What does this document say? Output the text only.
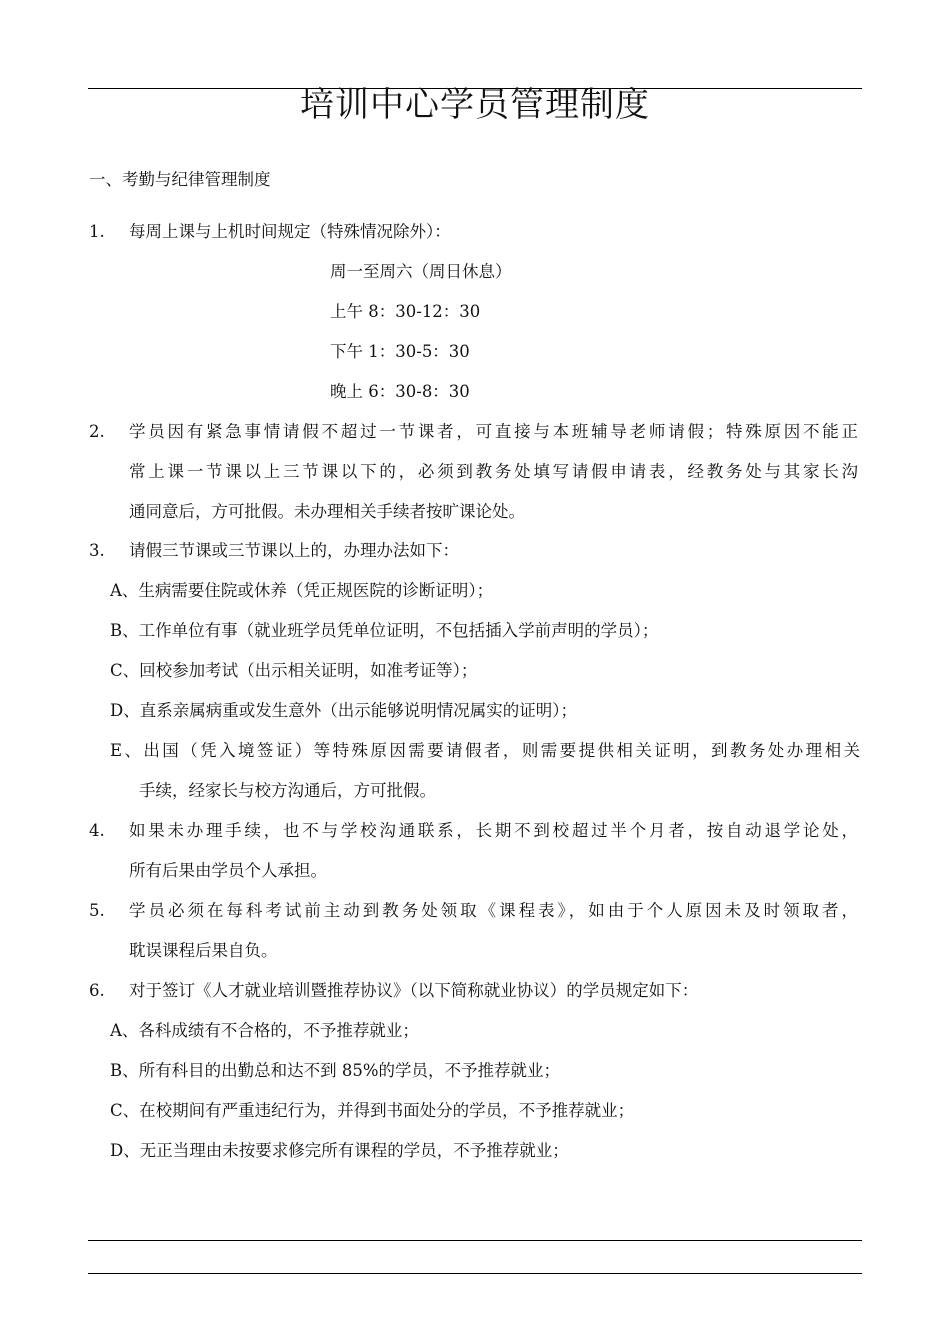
培训中心学员管理制度
一、考勤与纪律管理制度
1. 每周上课与上机时间规定（特殊情况除外）：
周一至周六（周日休息）
上午 8：30-12：30
下午 1：30-5：30
晚上 6：30-8：30
2. 学员因有紧急事情请假不超过一节课者，可直接与本班辅导老师请假；特殊原因不能正
常上课一节课以上三节课以下的，必须到教务处填写请假申请表，经教务处与其家长沟
通同意后，方可批假。未办理相关手续者按旷课论处。
3. 请假三节课或三节课以上的，办理办法如下：
A、生病需要住院或休养（凭正规医院的诊断证明）；
B、工作单位有事（就业班学员凭单位证明，不包括插入学前声明的学员）；
C、回校参加考试（出示相关证明，如准考证等）；
D、直系亲属病重或发生意外（出示能够说明情况属实的证明）；
E、出国（凭入境签证）等特殊原因需要请假者，则需要提供相关证明，到教务处办理相关
手续，经家长与校方沟通后，方可批假。
4. 如果未办理手续，也不与学校沟通联系，长期不到校超过半个月者，按自动退学论处，
所有后果由学员个人承担。
5. 学员必须在每科考试前主动到教务处领取《课程表》，如由于个人原因未及时领取者，
耽误课程后果自负。
6. 对于签订《人才就业培训暨推荐协议》（以下简称就业协议）的学员规定如下：
A、各科成绩有不合格的，不予推荐就业；
B、所有科目的出勤总和达不到 85%的学员，不予推荐就业；
C、在校期间有严重违纪行为，并得到书面处分的学员，不予推荐就业；
D、无正当理由未按要求修完所有课程的学员，不予推荐就业；
